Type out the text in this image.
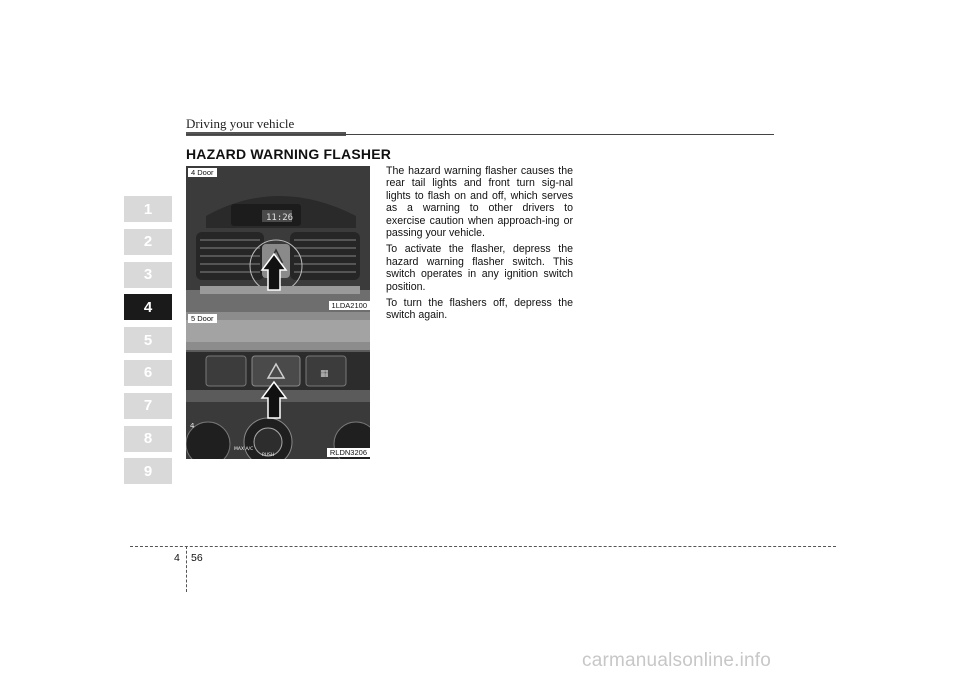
Driving your vehicle
HAZARD WARNING FLASHER
1
2
3
4
5
6
7
8
9
11:26
4 Door
1LDA2100
▦
4
MAX A/C
PUSH
5 Door
RLDN3206

The hazard warning flasher causes the rear tail lights and front turn sig-nal lights to flash on and off, which serves as a warning to other drivers to exercise caution when approach-ing or passing your vehicle.

To activate the flasher, depress the hazard warning flasher switch. This switch operates in any ignition switch position.

To turn the flashers off, depress the switch again.

4 56
carmanualsonline.info
